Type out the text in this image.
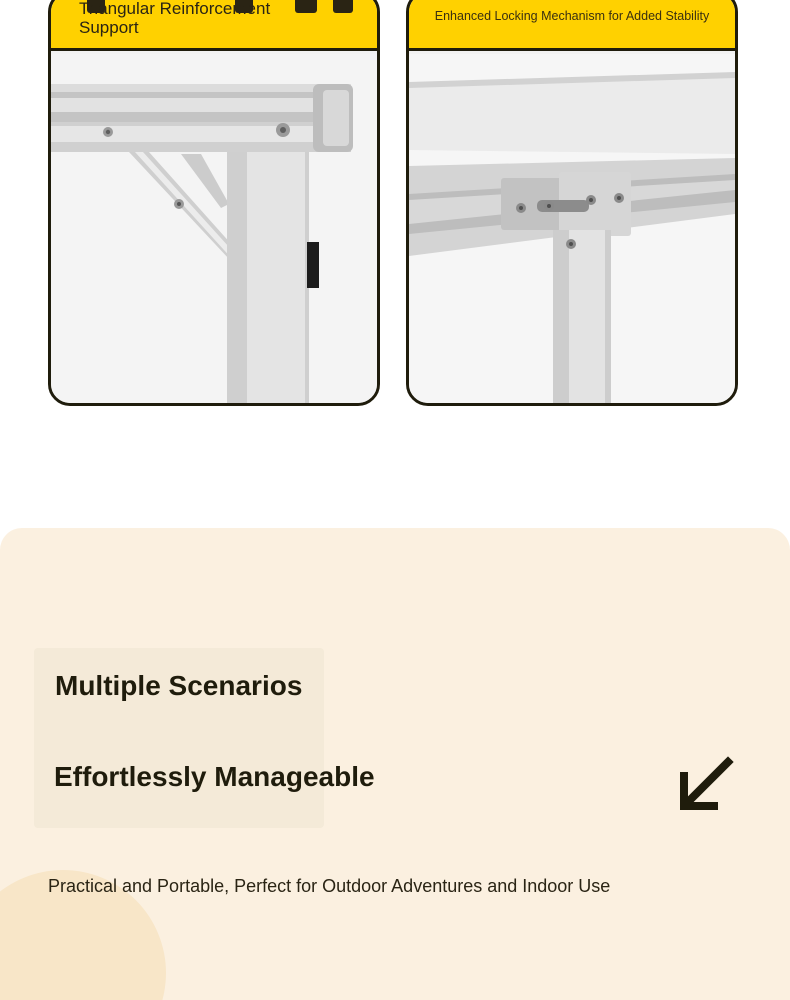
Triangular Reinforcement Support
Enhanced Locking Mechanism for Added Stability
Multiple Scenarios
Effortlessly Manageable
Practical and Portable, Perfect for Outdoor Adventures and Indoor Use
